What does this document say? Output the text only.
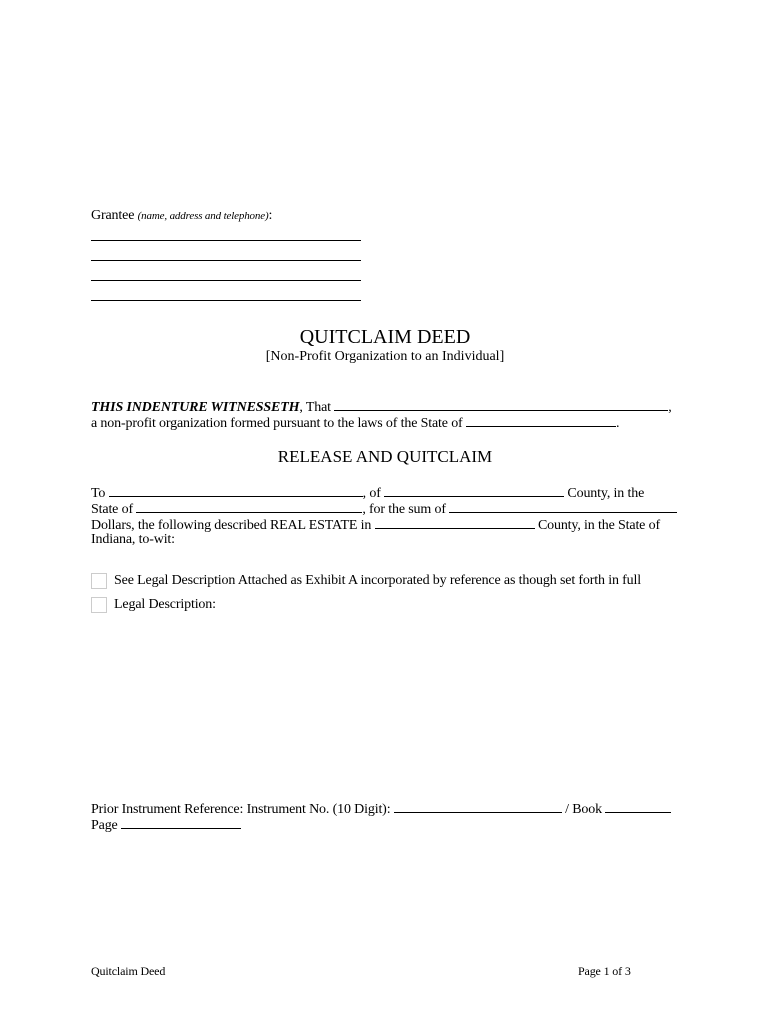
Grantee (name, address and telephone):
QUITCLAIM DEED
[Non-Profit Organization to an Individual]
THIS INDENTURE WITNESSETH, That	,
a non-profit organization formed pursuant to the laws of the State of	.
RELEASE AND QUITCLAIM
To	, of	County, in the
State of	, for the sum of
Dollars, the following described REAL ESTATE in	County, in the State of
Indiana, to-wit:
See Legal Description Attached as Exhibit A incorporated by reference as though set forth in full
Legal Description:
Prior Instrument Reference: Instrument No. (10 Digit):	/ Book
Page
Quitclaim Deed	Page 1 of 3
